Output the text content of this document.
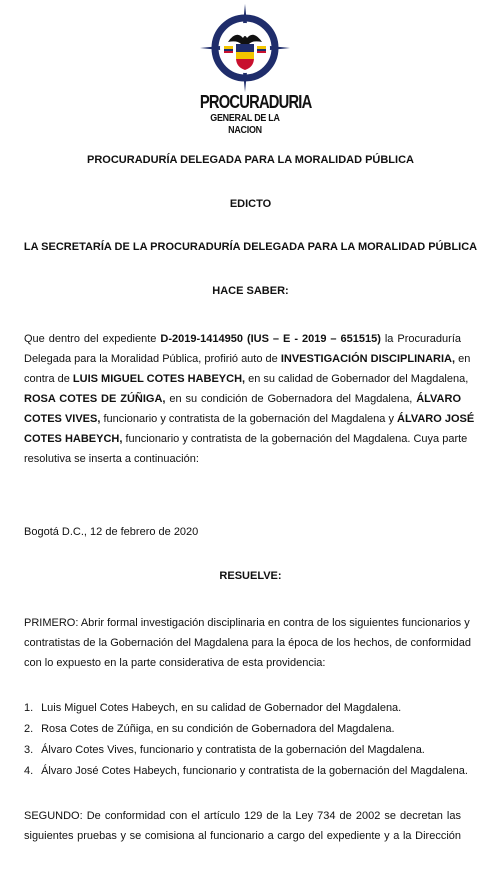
PROCURADURIA
GENERAL DE LA NACION
PROCURADURÍA DELEGADA PARA LA MORALIDAD PÚBLICA
EDICTO
LA SECRETARÍA DE LA PROCURADURÍA DELEGADA PARA LA MORALIDAD PÚBLICA
HACE SABER:
Que dentro del expediente D-2019-1414950 (IUS – E - 2019 – 651515) la Procuraduría
Delegada para la Moralidad Pública, profirió auto de INVESTIGACIÓN DISCIPLINARIA, en
contra de LUIS MIGUEL COTES HABEYCH, en su calidad de Gobernador del Magdalena,
ROSA COTES DE ZÚÑIGA, en su condición de Gobernadora del Magdalena, ÁLVARO
COTES VIVES, funcionario y contratista de la gobernación del Magdalena y ÁLVARO JOSÉ
COTES HABEYCH, funcionario y contratista de la gobernación del Magdalena. Cuya parte
resolutiva se inserta a continuación:
Bogotá D.C., 12 de febrero de 2020
RESUELVE:
PRIMERO: Abrir formal investigación disciplinaria en contra de los siguientes funcionarios y
contratistas de la Gobernación del Magdalena para la época de los hechos, de conformidad
con lo expuesto en la parte considerativa de esta providencia:
1. Luis Miguel Cotes Habeych, en su calidad de Gobernador del Magdalena.
2. Rosa Cotes de Zúñiga, en su condición de Gobernadora del Magdalena.
3. Álvaro Cotes Vives, funcionario y contratista de la gobernación del Magdalena.
4. Álvaro José Cotes Habeych, funcionario y contratista de la gobernación del Magdalena.
SEGUNDO: De conformidad con el artículo 129 de la Ley 734 de 2002 se decretan las
siguientes pruebas y se comisiona al funcionario a cargo del expediente y a la Dirección
